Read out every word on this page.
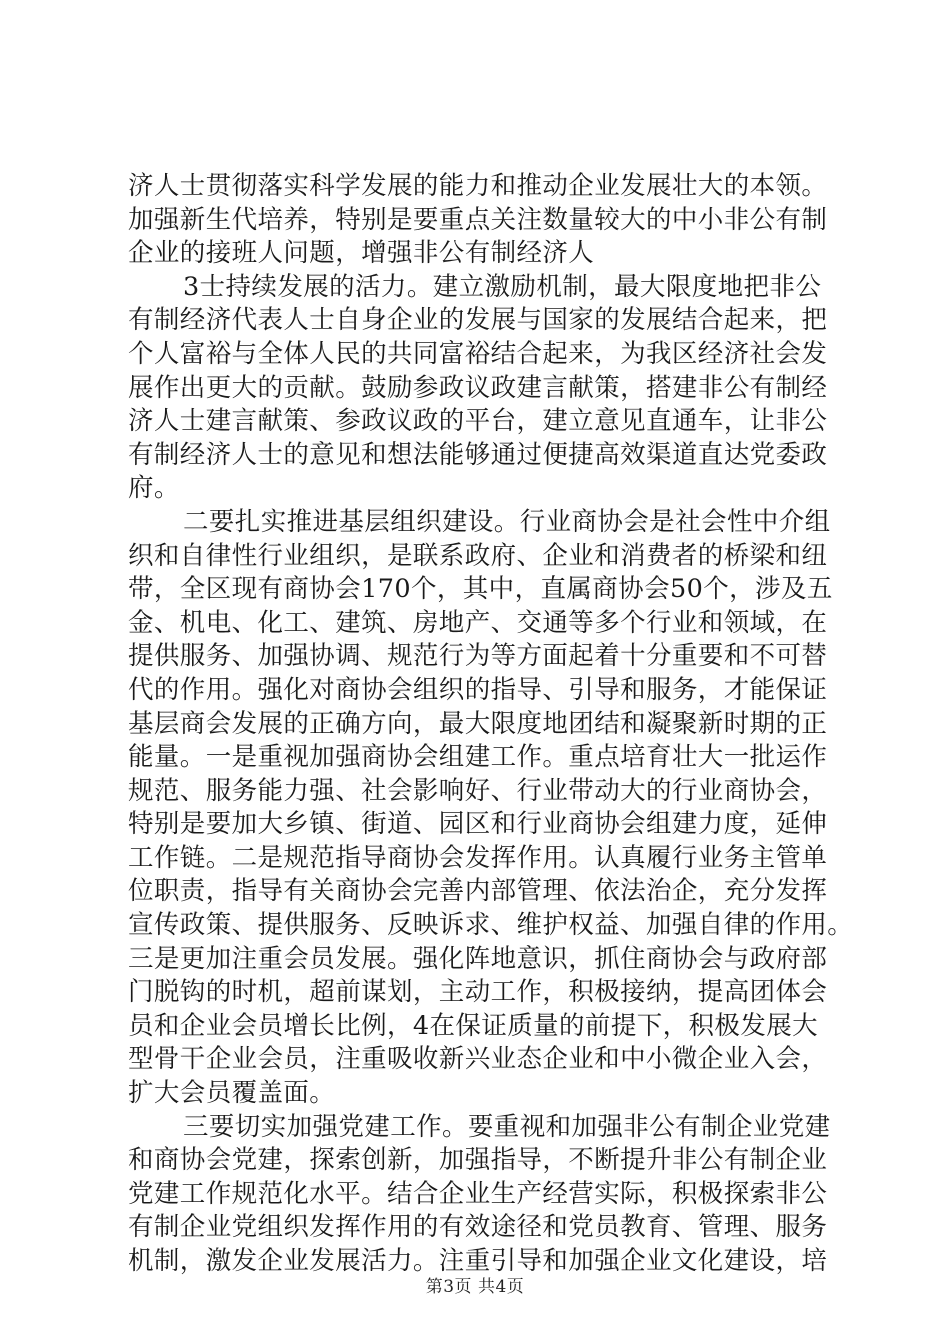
济人士贯彻落实科学发展的能力和推动企业发展壮大的本领。
加强新生代培养，特别是要重点关注数量较大的中小非公有制
企业的接班人问题，增强非公有制经济人
3士持续发展的活力。建立激励机制，最大限度地把非公
有制经济代表人士自身企业的发展与国家的发展结合起来，把
个人富裕与全体人民的共同富裕结合起来，为我区经济社会发
展作出更大的贡献。鼓励参政议政建言献策，搭建非公有制经
济人士建言献策、参政议政的平台，建立意见直通车，让非公
有制经济人士的意见和想法能够通过便捷高效渠道直达党委政
府。
二要扎实推进基层组织建设。行业商协会是社会性中介组
织和自律性行业组织，是联系政府、企业和消费者的桥梁和纽
带，全区现有商协会170个，其中，直属商协会50个，涉及五
金、机电、化工、建筑、房地产、交通等多个行业和领域，在
提供服务、加强协调、规范行为等方面起着十分重要和不可替
代的作用。强化对商协会组织的指导、引导和服务，才能保证
基层商会发展的正确方向，最大限度地团结和凝聚新时期的正
能量。一是重视加强商协会组建工作。重点培育壮大一批运作
规范、服务能力强、社会影响好、行业带动大的行业商协会，
特别是要加大乡镇、街道、园区和行业商协会组建力度，延伸
工作链。二是规范指导商协会发挥作用。认真履行业务主管单
位职责，指导有关商协会完善内部管理、依法治企，充分发挥
宣传政策、提供服务、反映诉求、维护权益、加强自律的作用。
三是更加注重会员发展。强化阵地意识，抓住商协会与政府部
门脱钩的时机，超前谋划，主动工作，积极接纳，提高团体会
员和企业会员增长比例，4在保证质量的前提下，积极发展大
型骨干企业会员，注重吸收新兴业态企业和中小微企业入会，
扩大会员覆盖面。
三要切实加强党建工作。要重视和加强非公有制企业党建
和商协会党建，探索创新，加强指导，不断提升非公有制企业
党建工作规范化水平。结合企业生产经营实际，积极探索非公
有制企业党组织发挥作用的有效途径和党员教育、管理、服务
机制，激发企业发展活力。注重引导和加强企业文化建设，培
第3页 共4页
